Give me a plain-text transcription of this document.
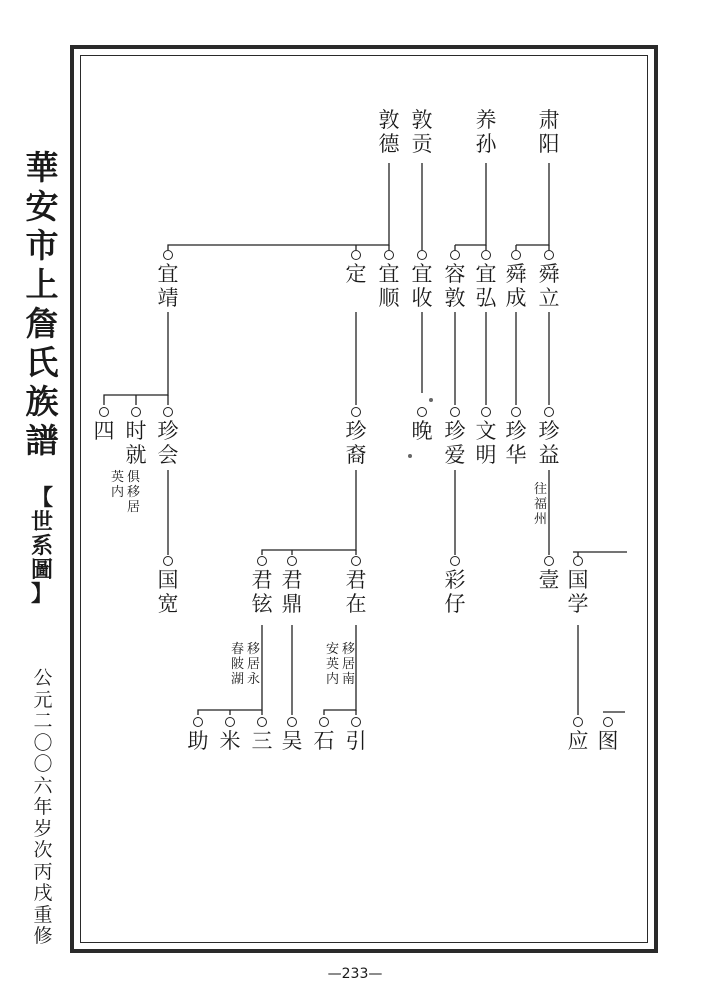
華
安
市
上
詹
氏
族
譜
【
世
系
圖
】
公
元
二
〇
〇
六
年
岁
次
丙
戌
重
修
—233—
肃
阳
养
孙
敦
贡
敦
德
舜
立
舜
成
宜
弘
容
敦
宜
收
宜
顺
定
宜
靖
珍
益
珍
华
文
明
珍
爱
晚
珍
裔
珍
会
时
就
四
壹
彩
仔
君
在
君
鼎
君
铉
国
宽
国
学
引
石
吴
三
米
助	应 图
往
福
州
俱
移
居
英
内
移
居
南
安
英
内
移
居
永
春
陂
湖
